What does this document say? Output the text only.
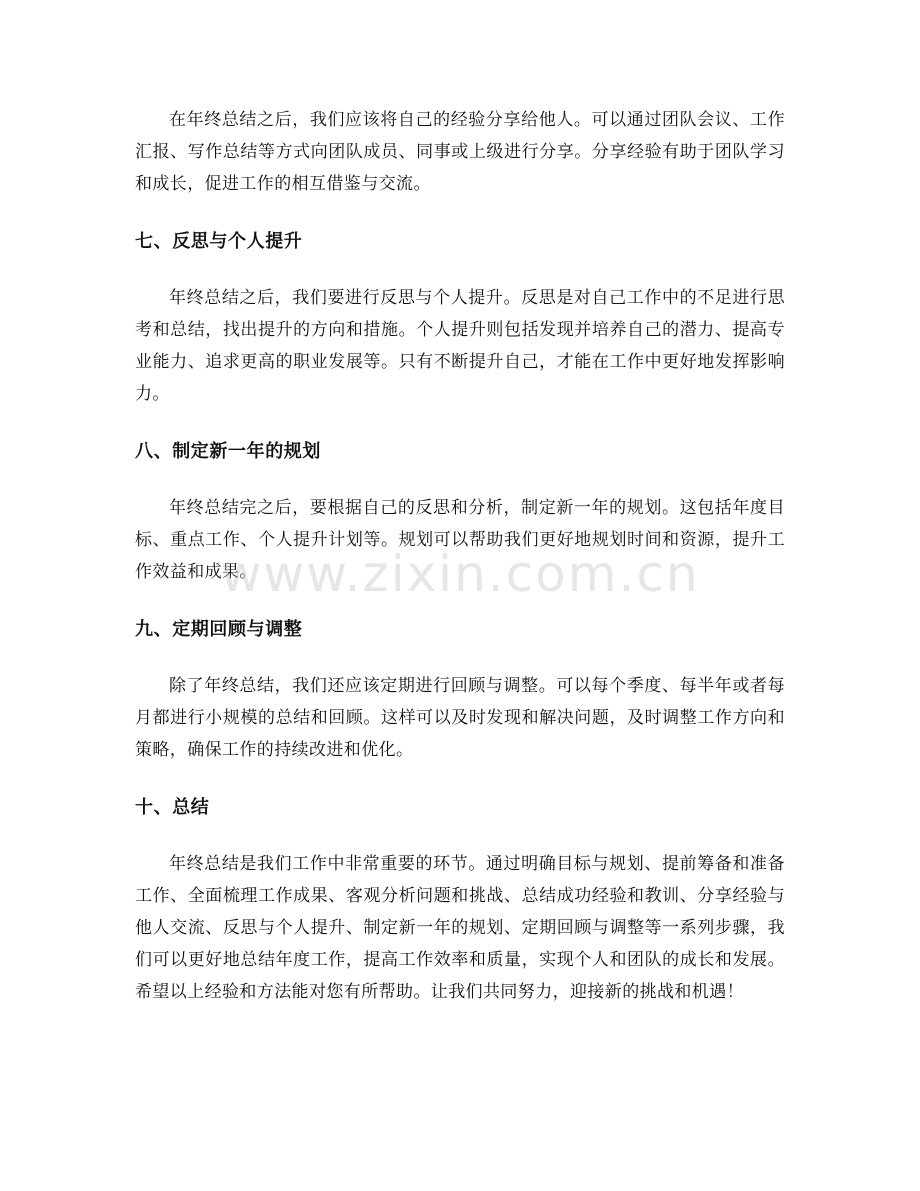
在年终总结之后，我们应该将自己的经验分享给他人。可以通过团队会议、工作汇报、写作总结等方式向团队成员、同事或上级进行分享。分享经验有助于团队学习和成长，促进工作的相互借鉴与交流。

七、反思与个人提升

年终总结之后，我们要进行反思与个人提升。反思是对自己工作中的不足进行思考和总结，找出提升的方向和措施。个人提升则包括发现并培养自己的潜力、提高专业能力、追求更高的职业发展等。只有不断提升自己，才能在工作中更好地发挥影响力。

八、制定新一年的规划

年终总结完之后，要根据自己的反思和分析，制定新一年的规划。这包括年度目标、重点工作、个人提升计划等。规划可以帮助我们更好地规划时间和资源，提升工作效益和成果。

九、定期回顾与调整

除了年终总结，我们还应该定期进行回顾与调整。可以每个季度、每半年或者每月都进行小规模的总结和回顾。这样可以及时发现和解决问题，及时调整工作方向和策略，确保工作的持续改进和优化。

十、总结

年终总结是我们工作中非常重要的环节。通过明确目标与规划、提前筹备和准备工作、全面梳理工作成果、客观分析问题和挑战、总结成功经验和教训、分享经验与他人交流、反思与个人提升、制定新一年的规划、定期回顾与调整等一系列步骤，我们可以更好地总结年度工作，提高工作效率和质量，实现个人和团队的成长和发展。希望以上经验和方法能对您有所帮助。让我们共同努力，迎接新的挑战和机遇！

www.zixin.com.cn
